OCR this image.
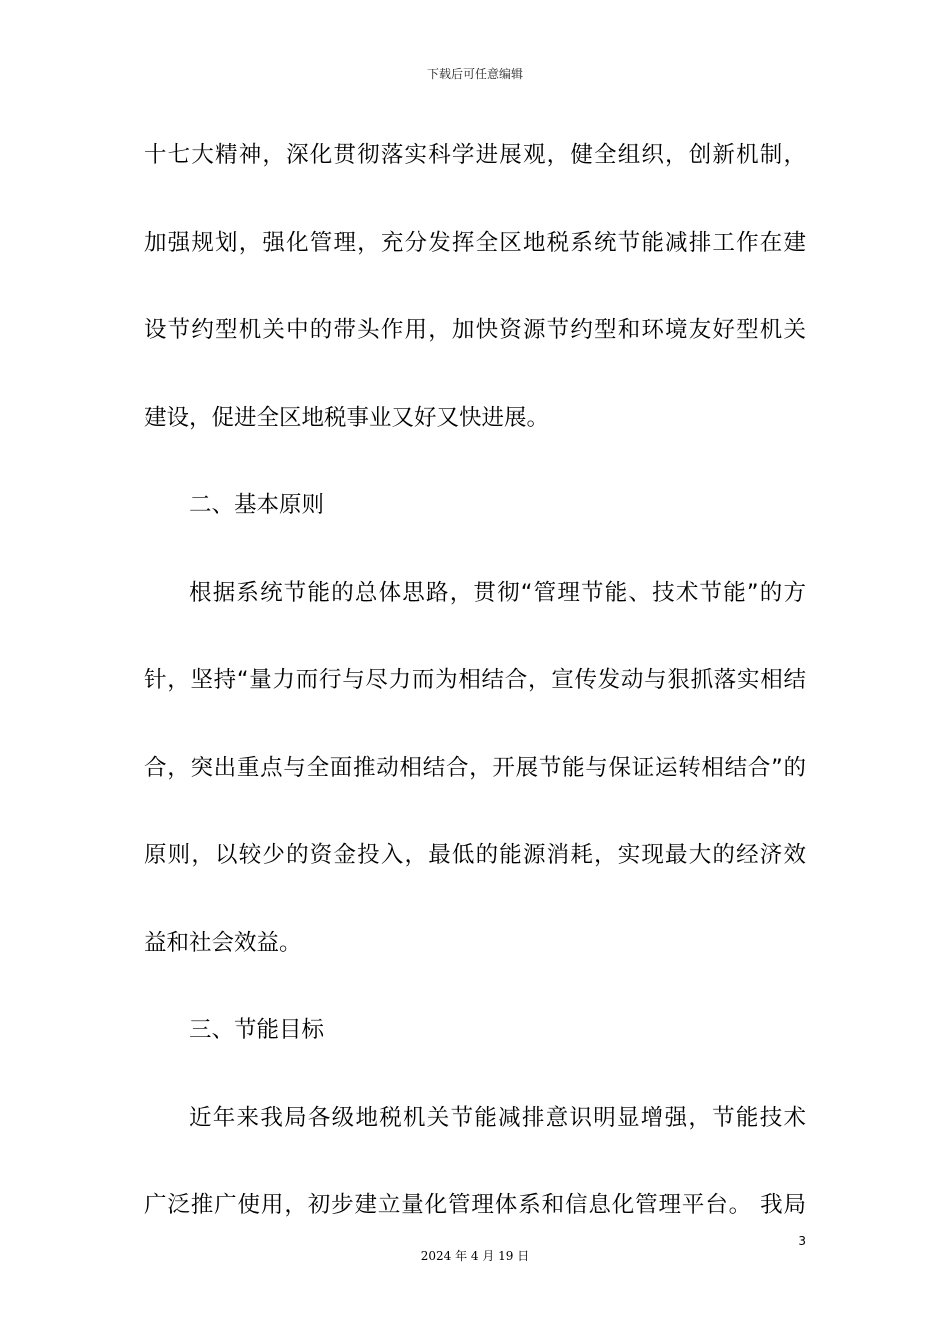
下载后可任意编辑
十七大精神，深化贯彻落实科学进展观，健全组织，创新机制，
加强规划，强化管理，充分发挥全区地税系统节能减排工作在建
设节约型机关中的带头作用，加快资源节约型和环境友好型机关
建设，促进全区地税事业又好又快进展。
二、基本原则
根据系统节能的总体思路，贯彻“管理节能、技术节能”的方
针，坚持“量力而行与尽力而为相结合，宣传发动与狠抓落实相结
合，突出重点与全面推动相结合，开展节能与保证运转相结合”的
原则，以较少的资金投入，最低的能源消耗，实现最大的经济效
益和社会效益。
三、节能目标
近年来我局各级地税机关节能减排意识明显增强，节能技术
广泛推广使用，初步建立量化管理体系和信息化管理平台。 我局
3
2024 年 4 月 19 日
